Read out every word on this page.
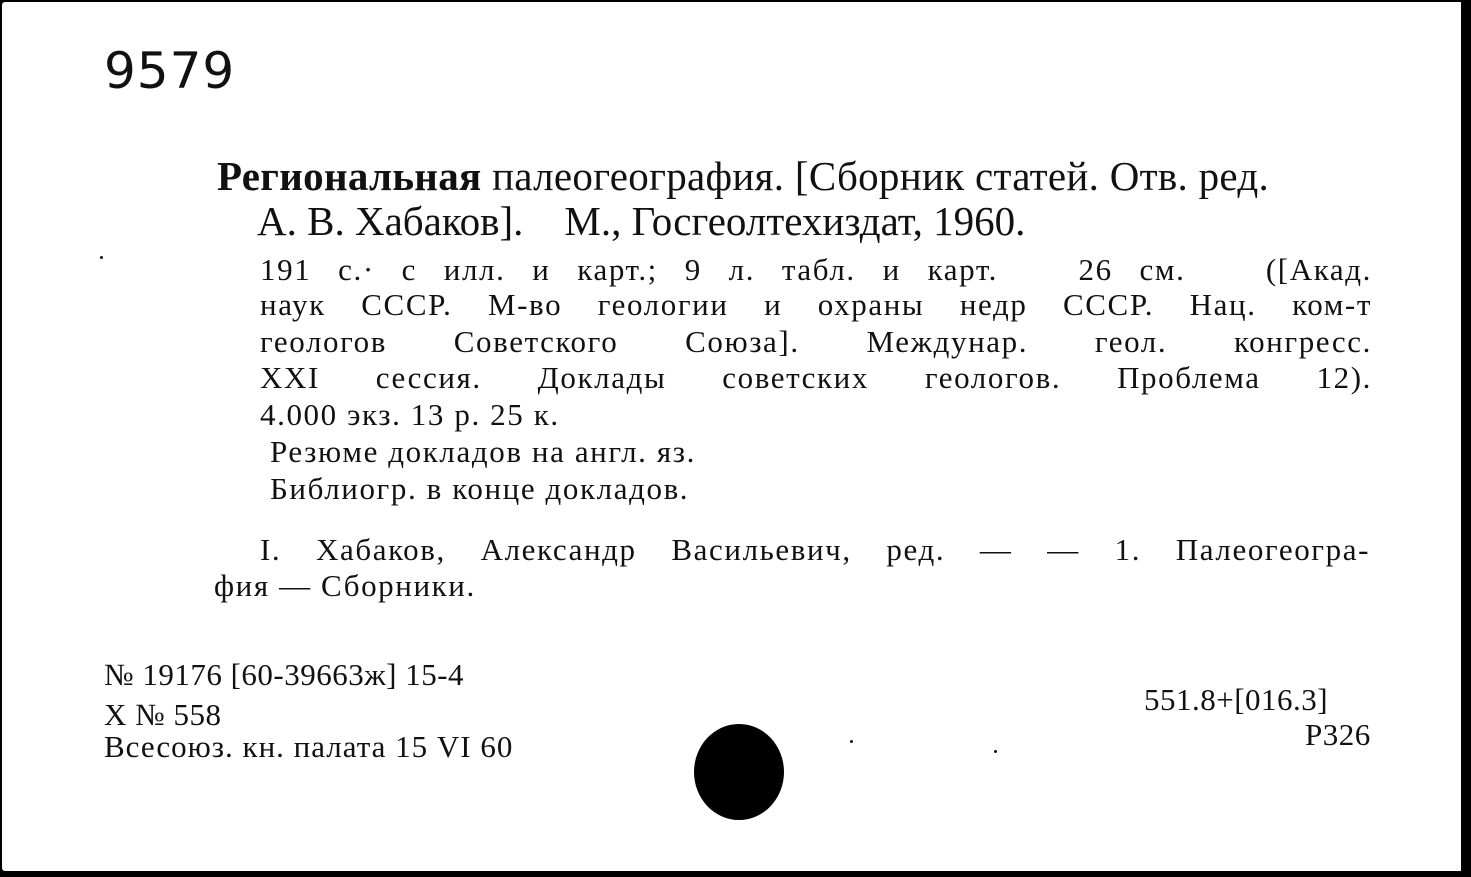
9579
Региональная палеогеография. [Сборник статей. Отв. ред.
А. В. Хабаков].    М., Госгеолтехиздат, 1960.
191 с.· с илл. и карт.; 9 л. табл. и карт.   26 см.   ([Акад.
наук СССР. М-во геологии и охраны недр СССР. Нац. ком-т
геологов Советского Союза]. Междунар. геол. конгресс.
XXI сессия. Доклады советских геологов. Проблема 12).
4.000 экз. 13 р. 25 к.
Резюме докладов на англ. яз.
Библиогр. в конце докладов.
I. Хабаков, Александр Васильевич, ред. — — 1. Палеогеогра-
фия — Сборники.
№ 19176 [60-39663ж] 15-4
X № 558
Всесоюз. кн. палата 15 VI 60
551.8+[016.3]
Р326
